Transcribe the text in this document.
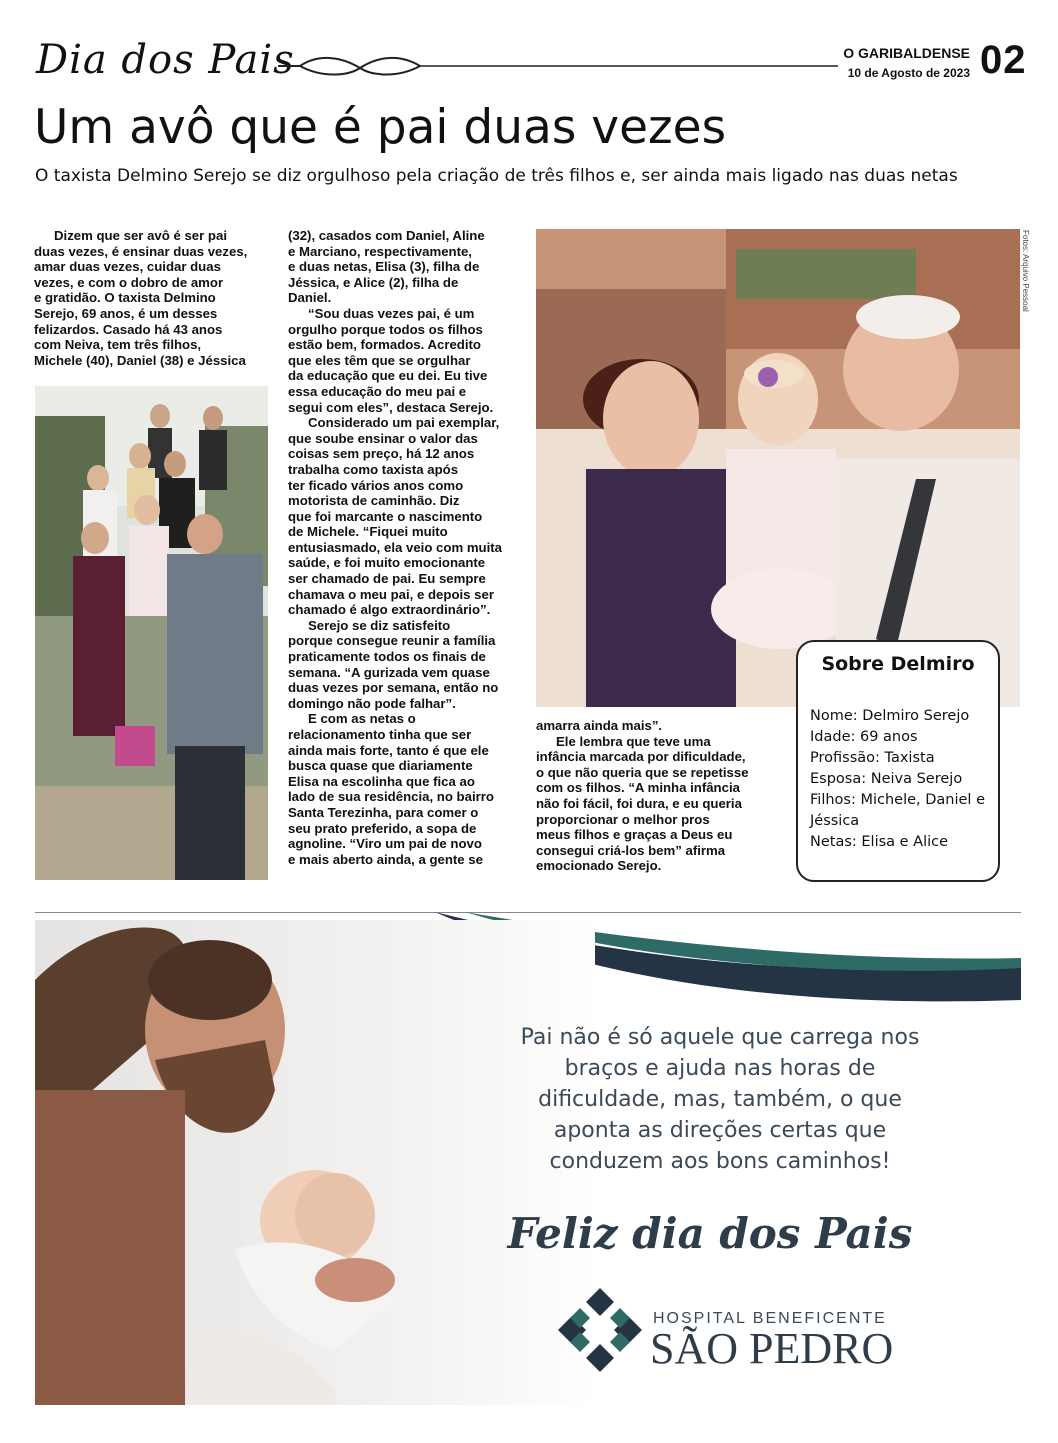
Dia dos Pais	O GARIBALDENSE
10 de Agosto de 2023 02
Um avô que é pai duas vezes
O taxista Delmino Serejo se diz orgulhoso pela criação de três filhos e, ser ainda mais ligado nas duas netas

Dizem que ser avô é ser pai

duas vezes, é ensinar duas vezes,

amar duas vezes, cuidar duas

vezes, e com o dobro de amor

e gratidão. O taxista Delmino

Serejo, 69 anos, é um desses

felizardos. Casado há 43 anos

com Neiva, tem três filhos,

Michele (40), Daniel (38) e Jéssica

(32), casados com Daniel, Aline

e Marciano, respectivamente,

e duas netas, Elisa (3), filha de

Jéssica, e Alice (2), filha de

Daniel.

“Sou duas vezes pai, é um

orgulho porque todos os filhos

estão bem, formados. Acredito

que eles têm que se orgulhar

da educação que eu dei. Eu tive

essa educação do meu pai e

segui com eles”, destaca Serejo.

Considerado um pai exemplar,

que soube ensinar o valor das

coisas sem preço, há 12 anos

trabalha como taxista após

ter ficado vários anos como

motorista de caminhão. Diz

que foi marcante o nascimento

de Michele. “Fiquei muito

entusiasmado, ela veio com muita

saúde, e foi muito emocionante

ser chamado de pai. Eu sempre

chamava o meu pai, e depois ser

chamado é algo extraordinário”.

Serejo se diz satisfeito

porque consegue reunir a família

praticamente todos os finais de

semana. “A gurizada vem quase

duas vezes por semana, então no

domingo não pode falhar”.

E com as netas o

relacionamento tinha que ser

ainda mais forte, tanto é que ele

busca quase que diariamente

Elisa na escolinha que fica ao

lado de sua residência, no bairro

Santa Terezinha, para comer o

seu prato preferido, a sopa de

agnoline. “Viro um pai de novo

e mais aberto ainda, a gente se

Fotos: Arquivo Pessoal

amarra ainda mais”.

Ele lembra que teve uma

infância marcada por dificuldade,

o que não queria que se repetisse

com os filhos. “A minha infância

não foi fácil, foi dura, e eu queria

proporcionar o melhor pros

meus filhos e graças a Deus eu

consegui criá-los bem” afirma

emocionado Serejo.

Sobre Delmiro
Nome: Delmiro Serejo
Idade: 69 anos
Profissão: Taxista
Esposa: Neiva Serejo
Filhos: Michele, Daniel e
Jéssica
Netas: Elisa e Alice
Pai não é só aquele que carrega nos
braços e ajuda nas horas de
dificuldade, mas, também, o que
aponta as direções certas que
conduzem aos bons caminhos!
Feliz dia dos Pais
HOSPITAL BENEFICENTE
SÃO PEDRO
